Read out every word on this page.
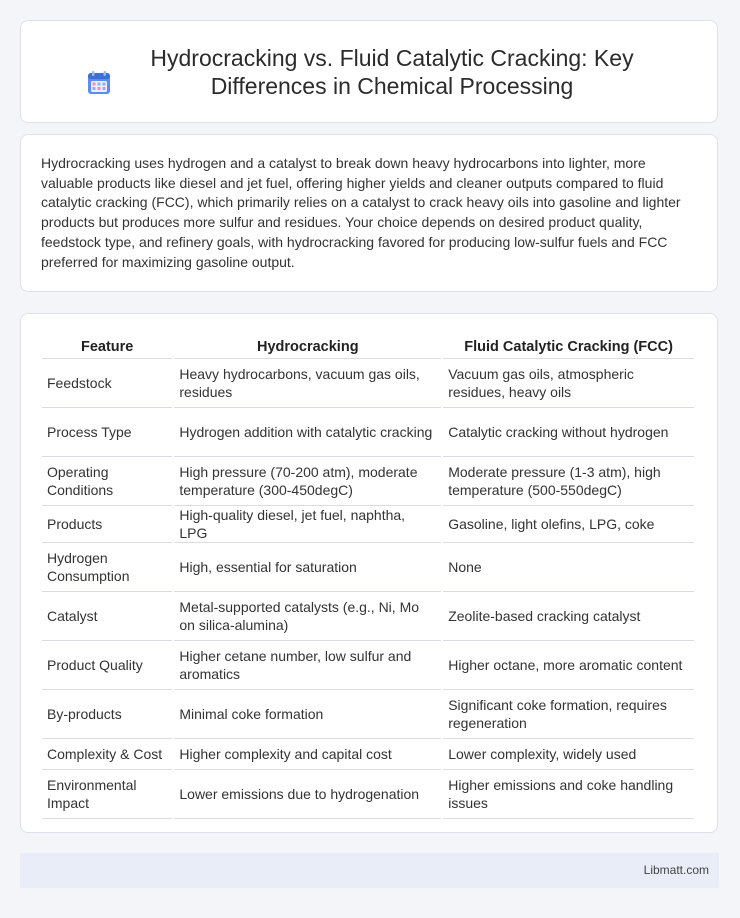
Hydrocracking vs. Fluid Catalytic Cracking: Key Differences in Chemical Processing

Hydrocracking uses hydrogen and a catalyst to break down heavy hydrocarbons into lighter, more valuable products like diesel and jet fuel, offering higher yields and cleaner outputs compared to fluid catalytic cracking (FCC), which primarily relies on a catalyst to crack heavy oils into gasoline and lighter products but produces more sulfur and residues. Your choice depends on desired product quality, feedstock type, and refinery goals, with hydrocracking favored for producing low-sulfur fuels and FCC preferred for maximizing gasoline output.

Feature	Hydrocracking	Fluid Catalytic Cracking (FCC)
Feedstock	Heavy hydrocarbons, vacuum gas oils, residues	Vacuum gas oils, atmospheric residues, heavy oils
Process Type	Hydrogen addition with catalytic cracking	Catalytic cracking without hydrogen
Operating Conditions	High pressure (70-200 atm), moderate temperature (300-450degC)	Moderate pressure (1-3 atm), high temperature (500-550degC)
Products	High-quality diesel, jet fuel, naphtha, LPG	Gasoline, light olefins, LPG, coke
Hydrogen Consumption	High, essential for saturation	None
Catalyst	Metal-supported catalysts (e.g., Ni, Mo on silica-alumina)	Zeolite-based cracking catalyst
Product Quality	Higher cetane number, low sulfur and aromatics	Higher octane, more aromatic content
By-products	Minimal coke formation	Significant coke formation, requires regeneration
Complexity & Cost	Higher complexity and capital cost	Lower complexity, widely used
Environmental Impact	Lower emissions due to hydrogenation	Higher emissions and coke handling issues
Libmatt.com
